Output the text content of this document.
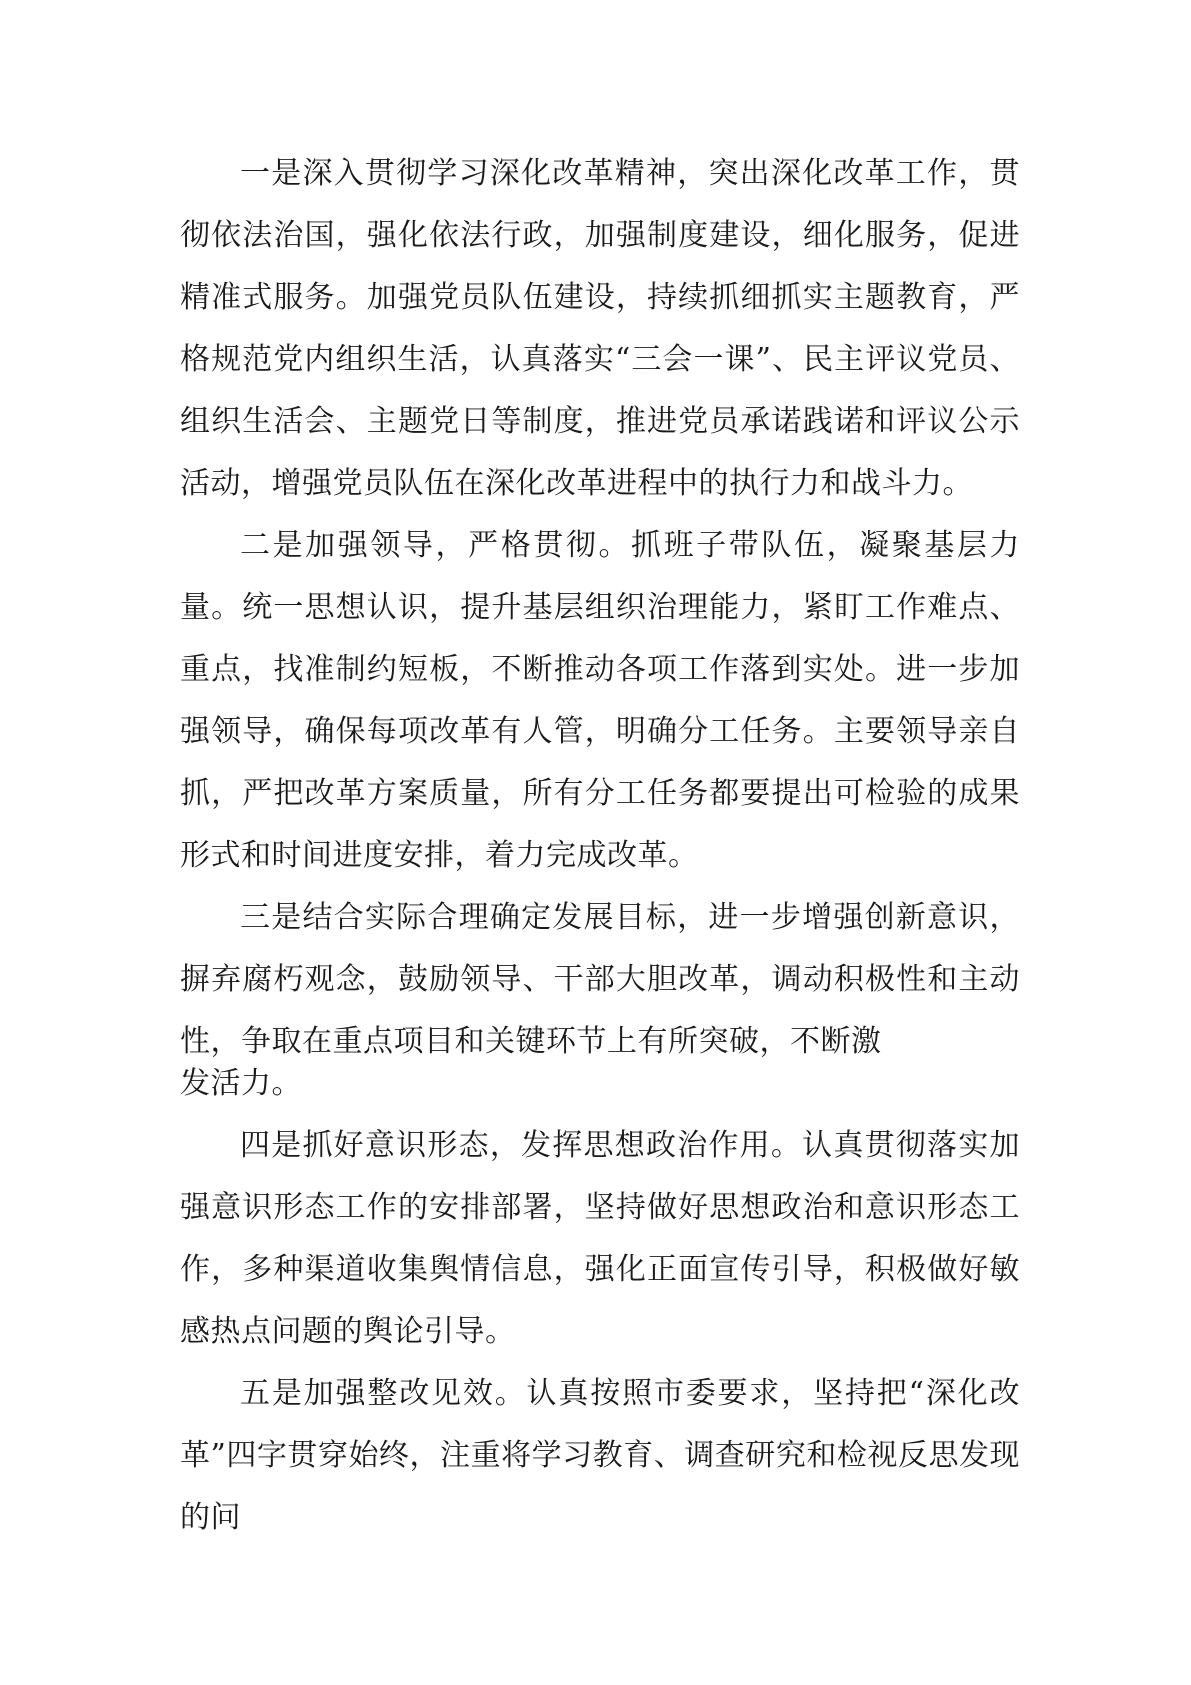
一是深入贯彻学习深化改革精神，突出深化改革工作，贯彻依法治国，强化依法行政，加强制度建设，细化服务，促进精准式服务。加强党员队伍建设，持续抓细抓实主题教育，严格规范党内组织生活，认真落实“三会一课”、民主评议党员、组织生活会、主题党日等制度，推进党员承诺践诺和评议公示活动，增强党员队伍在深化改革进程中的执行力和战斗力。

二是加强领导，严格贯彻。抓班子带队伍，凝聚基层力量。统一思想认识，提升基层组织治理能力，紧盯工作难点、重点，找准制约短板，不断推动各项工作落到实处。进一步加强领导，确保每项改革有人管，明确分工任务。主要领导亲自抓，严把改革方案质量，所有分工任务都要提出可检验的成果形式和时间进度安排，着力完成改革。

三是结合实际合理确定发展目标，进一步增强创新意识，摒弃腐朽观念，鼓励领导、干部大胆改革，调动积极性和主动性，争取在重点项目和关键环节上有所突破，不断激

发活力。

四是抓好意识形态，发挥思想政治作用。认真贯彻落实加强意识形态工作的安排部署，坚持做好思想政治和意识形态工作，多种渠道收集舆情信息，强化正面宣传引导，积极做好敏感热点问题的舆论引导。

五是加强整改见效。认真按照市委要求，坚持把“深化改革”四字贯穿始终，注重将学习教育、调查研究和检视反思发现的问
